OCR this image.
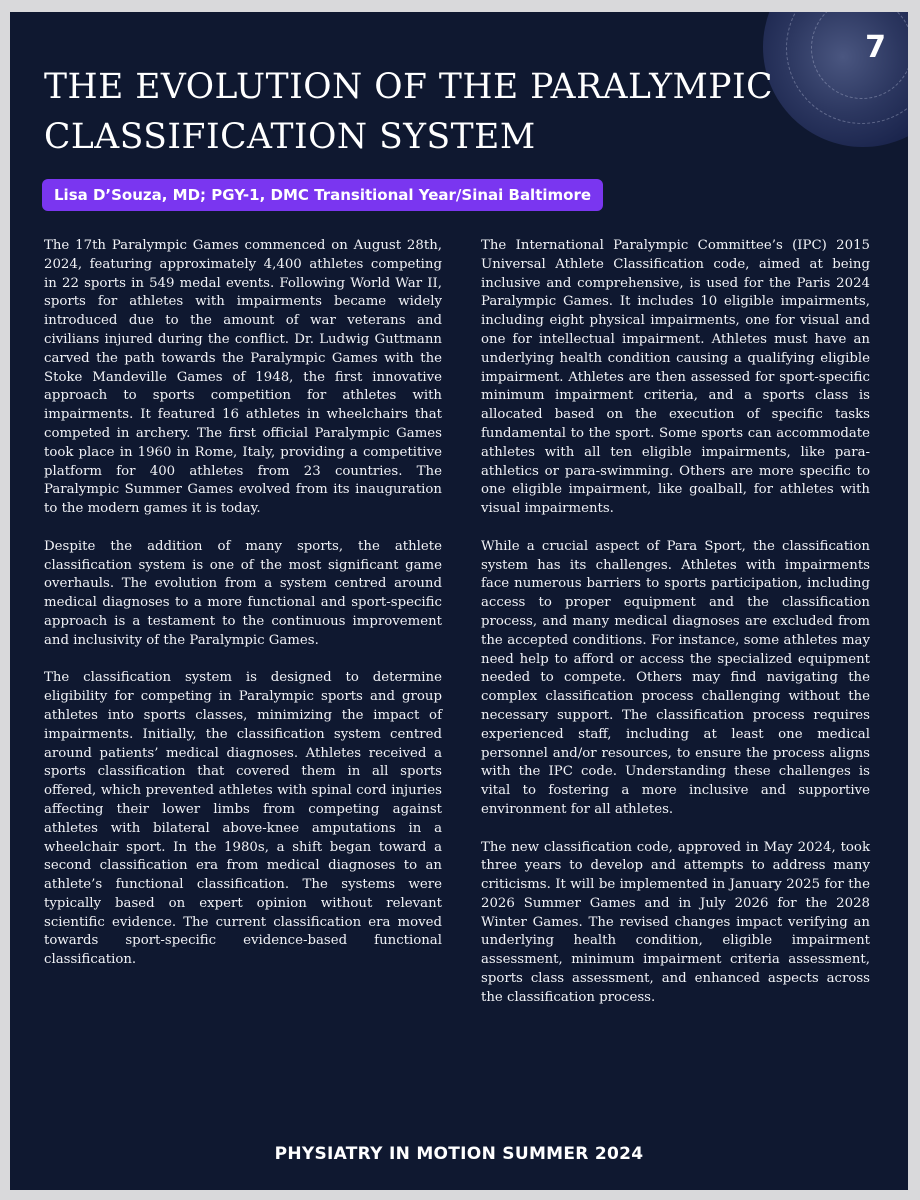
7
THE EVOLUTION OF THE PARALYMPIC CLASSIFICATION SYSTEM
Lisa D’Souza, MD; PGY-1, DMC Transitional Year/Sinai Baltimore

The 17th Paralympic Games commenced on August 28th, 2024, featuring approximately 4,400 athletes competing in 22 sports in 549 medal events. Following World War II, sports for athletes with impairments became widely introduced due to the amount of war veterans and civilians injured during the conflict. Dr. Ludwig Guttmann carved the path towards the Paralympic Games with the Stoke Mandeville Games of 1948, the first innovative approach to sports competition for athletes with impairments. It featured 16 athletes in wheelchairs that competed in archery. The first official Paralympic Games took place in 1960 in Rome, Italy, providing a competitive platform for 400 athletes from 23 countries. The Paralympic Summer Games evolved from its inauguration to the modern games it is today.

Despite the addition of many sports, the athlete classification system is one of the most significant game overhauls. The evolution from a system centred around medical diagnoses to a more functional and sport-specific approach is a testament to the continuous improvement and inclusivity of the Paralympic Games.

The classification system is designed to determine eligibility for competing in Paralympic sports and group athletes into sports classes, minimizing the impact of impairments. Initially, the classification system centred around patients’ medical diagnoses. Athletes received a sports classification that covered them in all sports offered, which prevented athletes with spinal cord injuries affecting their lower limbs from competing against athletes with bilateral above-knee amputations in a wheelchair sport. In the 1980s, a shift began toward a second classification era from medical diagnoses to an athlete’s functional classification. The systems were typically based on expert opinion without relevant scientific evidence. The current classification era moved towards sport-specific evidence-based functional classification.

The International Paralympic Committee’s (IPC) 2015 Universal Athlete Classification code, aimed at being inclusive and comprehensive, is used for the Paris 2024 Paralympic Games. It includes 10 eligible impairments, including eight physical impairments, one for visual and one for intellectual impairment. Athletes must have an underlying health condition causing a qualifying eligible impairment. Athletes are then assessed for sport-specific minimum impairment criteria, and a sports class is allocated based on the execution of specific tasks fundamental to the sport. Some sports can accommodate athletes with all ten eligible impairments, like para-athletics or para-swimming. Others are more specific to one eligible impairment, like goalball, for athletes with visual impairments.

While a crucial aspect of Para Sport, the classification system has its challenges. Athletes with impairments face numerous barriers to sports participation, including access to proper equipment and the classification process, and many medical diagnoses are excluded from the accepted conditions. For instance, some athletes may need help to afford or access the specialized equipment needed to compete. Others may find navigating the complex classification process challenging without the necessary support. The classification process requires experienced staff, including at least one medical personnel and/or resources, to ensure the process aligns with the IPC code. Understanding these challenges is vital to fostering a more inclusive and supportive environment for all athletes.

The new classification code, approved in May 2024, took three years to develop and attempts to address many criticisms. It will be implemented in January 2025 for the 2026 Summer Games and in July 2026 for the 2028 Winter Games. The revised changes impact verifying an underlying health condition, eligible impairment assessment, minimum impairment criteria assessment, sports class assessment, and enhanced aspects across the classification process.

PHYSIATRY IN MOTION SUMMER 2024
